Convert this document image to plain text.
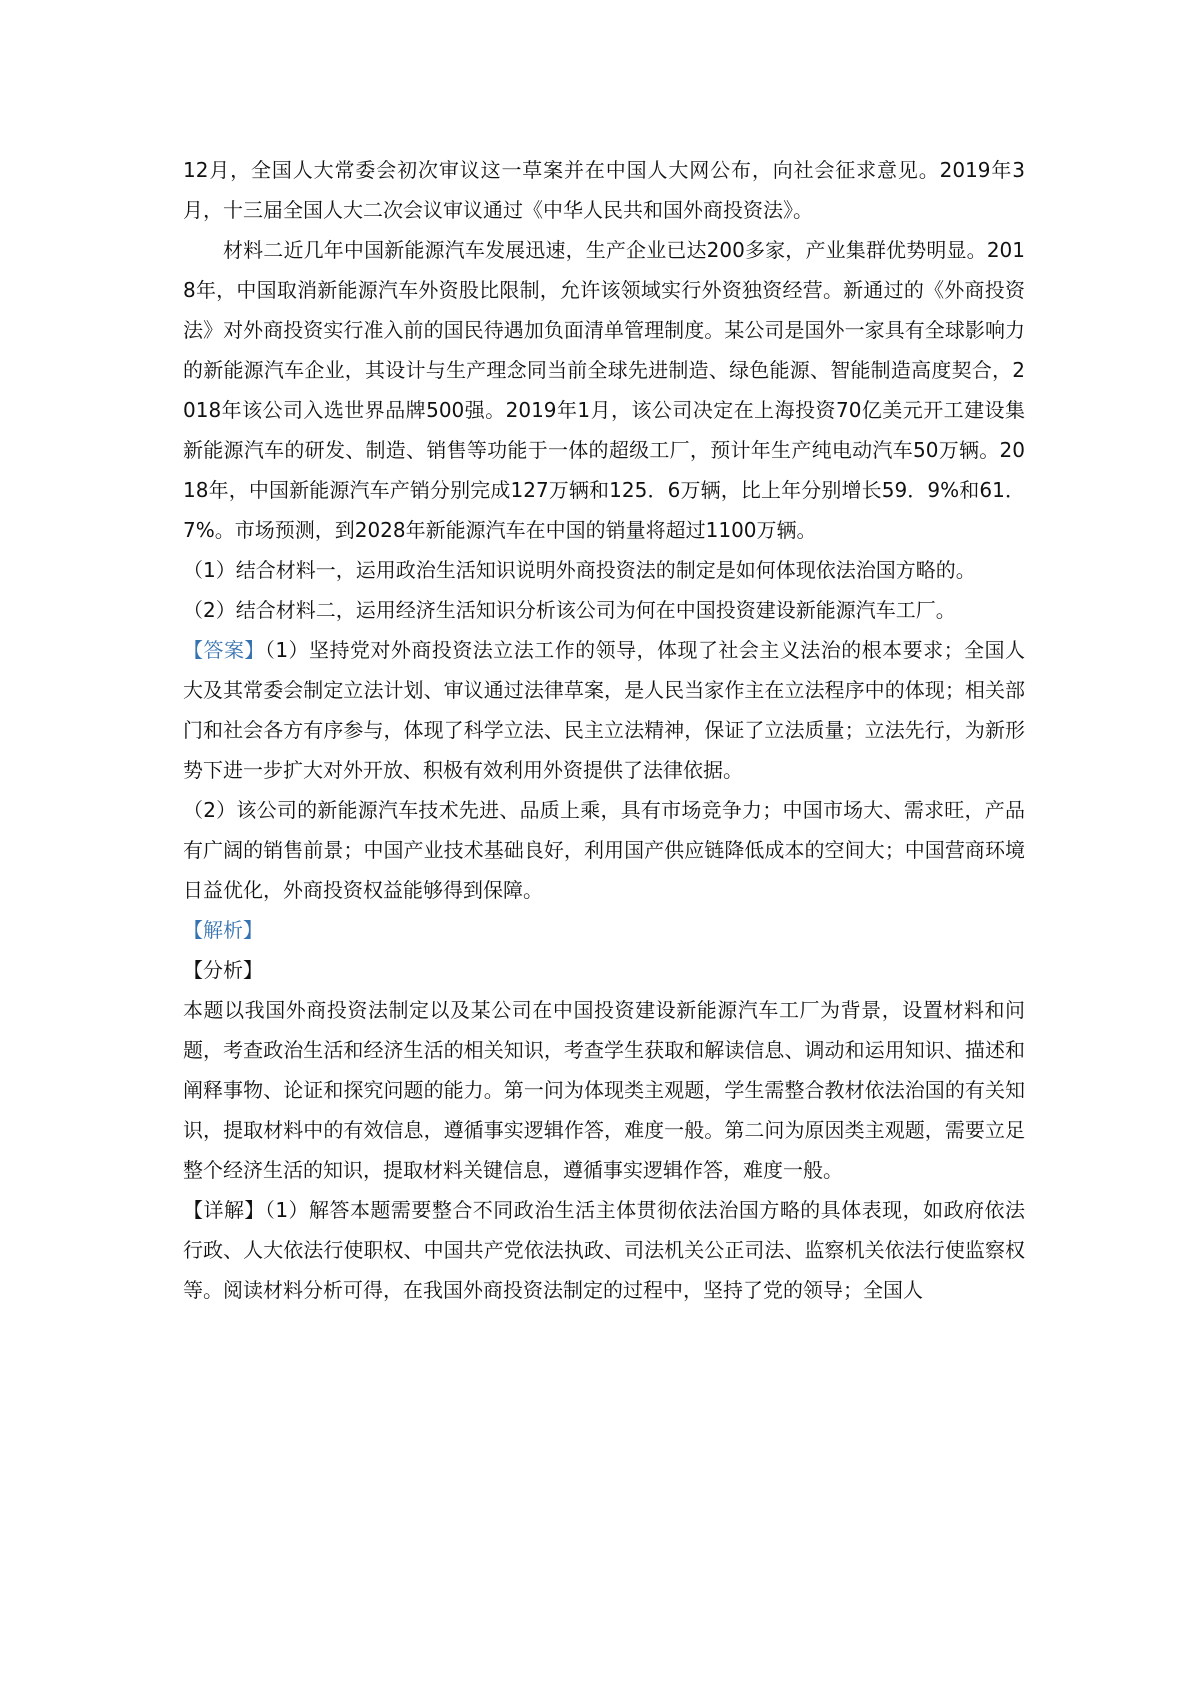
12月，全国人大常委会初次审议这一草案并在中国人大网公布，向社会征求意见。2019年3月，十三届全国人大二次会议审议通过《中华人民共和国外商投资法》。

材料二近几年中国新能源汽车发展迅速，生产企业已达200多家，产业集群优势明显。2018年，中国取消新能源汽车外资股比限制，允许该领域实行外资独资经营。新通过的《外商投资法》对外商投资实行准入前的国民待遇加负面清单管理制度。某公司是国外一家具有全球影响力的新能源汽车企业，其设计与生产理念同当前全球先进制造、绿色能源、智能制造高度契合，2018年该公司入选世界品牌500强。2019年1月，该公司决定在上海投资70亿美元开工建设集新能源汽车的研发、制造、销售等功能于一体的超级工厂，预计年生产纯电动汽车50万辆。2018年，中国新能源汽车产销分别完成127万辆和125．6万辆，比上年分别增长59．9%和61．7%。市场预测，到2028年新能源汽车在中国的销量将超过1100万辆。

（1）结合材料一，运用政治生活知识说明外商投资法的制定是如何体现依法治国方略的。

（2）结合材料二，运用经济生活知识分析该公司为何在中国投资建设新能源汽车工厂。

【答案】（1）坚持党对外商投资法立法工作的领导，体现了社会主义法治的根本要求；全国人大及其常委会制定立法计划、审议通过法律草案，是人民当家作主在立法程序中的体现；相关部门和社会各方有序参与，体现了科学立法、民主立法精神，保证了立法质量；立法先行，为新形势下进一步扩大对外开放、积极有效利用外资提供了法律依据。

（2）该公司的新能源汽车技术先进、品质上乘，具有市场竞争力；中国市场大、需求旺，产品有广阔的销售前景；中国产业技术基础良好，利用国产供应链降低成本的空间大；中国营商环境日益优化，外商投资权益能够得到保障。

【解析】

【分析】

本题以我国外商投资法制定以及某公司在中国投资建设新能源汽车工厂为背景，设置材料和问题，考查政治生活和经济生活的相关知识，考查学生获取和解读信息、调动和运用知识、描述和阐释事物、论证和探究问题的能力。第一问为体现类主观题，学生需整合教材依法治国的有关知识，提取材料中的有效信息，遵循事实逻辑作答，难度一般。第二问为原因类主观题，需要立足整个经济生活的知识，提取材料关键信息，遵循事实逻辑作答，难度一般。

【详解】（1）解答本题需要整合不同政治生活主体贯彻依法治国方略的具体表现，如政府依法行政、人大依法行使职权、中国共产党依法执政、司法机关公正司法、监察机关依法行使监察权等。阅读材料分析可得，在我国外商投资法制定的过程中，坚持了党的领导；全国人
